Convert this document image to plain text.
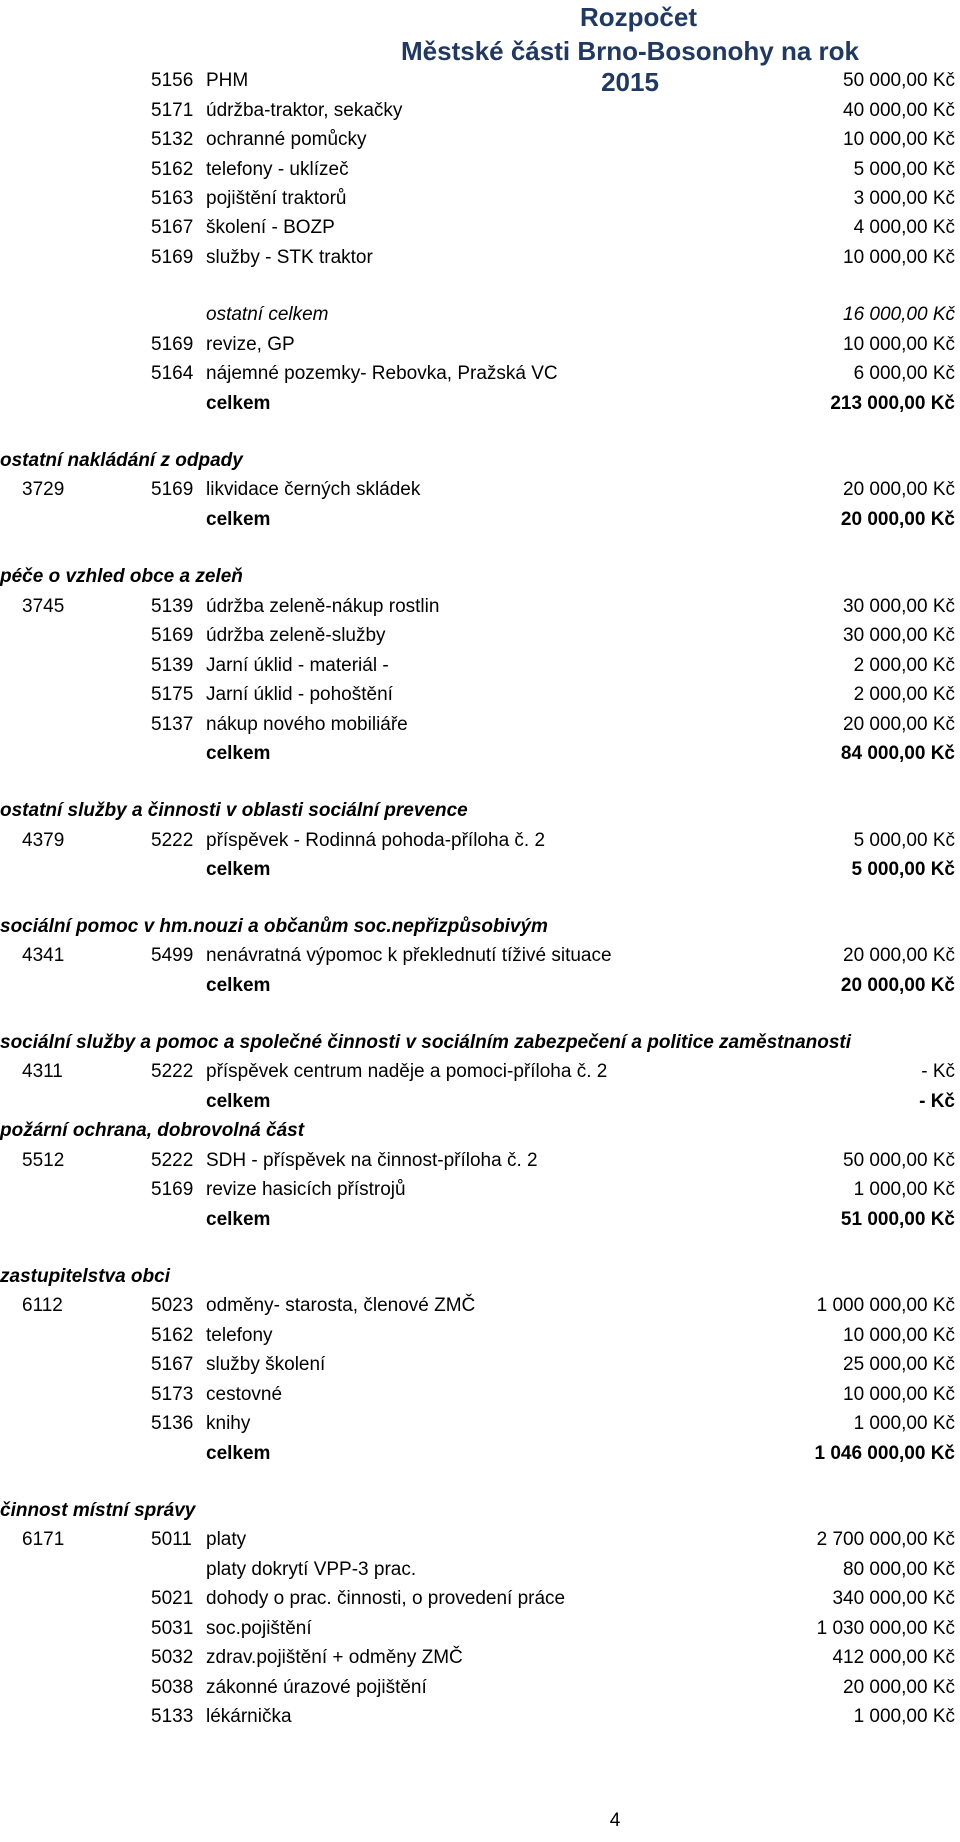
Rozpočet
Městské části Brno-Bosonohy na rok 2015
5156 PHM	50 000,00 Kč
5171 údržba-traktor, sekačky	40 000,00 Kč
5132 ochranné pomůcky	10 000,00 Kč
5162 telefony - uklízeč	5 000,00 Kč
5163 pojištění traktorů	3 000,00 Kč
5167 školení - BOZP	4 000,00 Kč
5169 služby - STK traktor	10 000,00 Kč
ostatní celkem	16 000,00 Kč
5169 revize, GP	10 000,00 Kč
5164 nájemné pozemky- Rebovka, Pražská VC	6 000,00 Kč
celkem	213 000,00 Kč
ostatní nakládání z odpady
3729	5169 likvidace černých skládek	20 000,00 Kč
celkem	20 000,00 Kč
péče o vzhled obce a zeleň
3745	5139 údržba zeleně-nákup rostlin	30 000,00 Kč
5169 údržba zeleně-služby	30 000,00 Kč
5139 Jarní úklid - materiál -	2 000,00 Kč
5175 Jarní úklid - pohoštění	2 000,00 Kč
5137 nákup nového mobiliáře	20 000,00 Kč
celkem	84 000,00 Kč
ostatní služby a činnosti v oblasti sociální prevence
4379	5222 příspěvek - Rodinná pohoda-příloha č. 2	5 000,00 Kč
celkem	5 000,00 Kč
sociální pomoc v hm.nouzi a občanům soc.nepřizpůsobivým
4341	5499 nenávratná výpomoc k překlednutí tíživé situace	20 000,00 Kč
celkem	20 000,00 Kč
sociální služby a pomoc a společné činnosti v sociálním zabezpečení a politice zaměstnanosti
4311	5222 příspěvek centrum naděje a pomoci-příloha č. 2	- Kč
celkem	- Kč
požární ochrana, dobrovolná část
5512	5222 SDH - příspěvek na činnost-příloha č. 2	50 000,00 Kč
5169 revize hasicích přístrojů	1 000,00 Kč
celkem	51 000,00 Kč
zastupitelstva obci
6112	5023 odměny- starosta, členové ZMČ	1 000 000,00 Kč
5162 telefony	10 000,00 Kč
5167 služby školení	25 000,00 Kč
5173 cestovné	10 000,00 Kč
5136 knihy	1 000,00 Kč
celkem	1 046 000,00 Kč
činnost místní správy
6171	5011 platy	2 700 000,00 Kč
platy dokrytí VPP-3 prac.	80 000,00 Kč
5021 dohody o prac. činnosti, o provedení práce	340 000,00 Kč
5031 soc.pojištění	1 030 000,00 Kč
5032 zdrav.pojištění + odměny ZMČ	412 000,00 Kč
5038 zákonné úrazové pojištění	20 000,00 Kč
5133 lékárnička	1 000,00 Kč
4
